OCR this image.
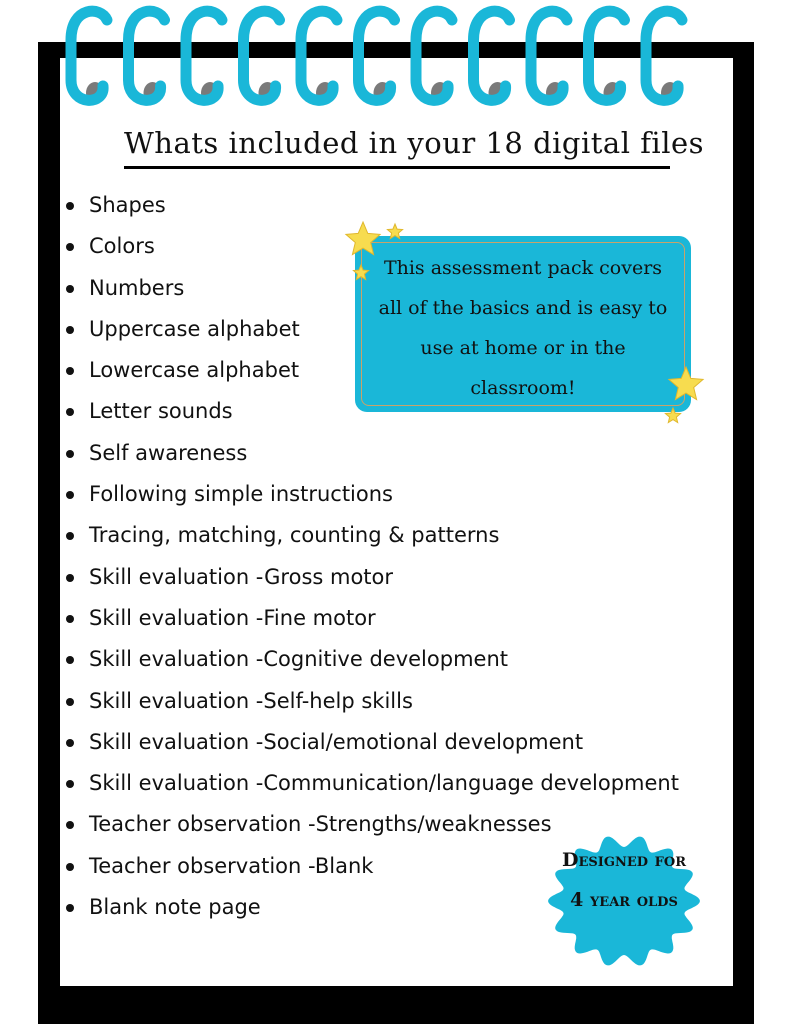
Whats included in your 18 digital files
Shapes
Colors
Numbers
Uppercase alphabet
Lowercase alphabet
Letter sounds
Self awareness
Following simple instructions
Tracing, matching, counting & patterns
Skill evaluation -Gross motor
Skill evaluation -Fine motor
Skill evaluation -Cognitive development
Skill evaluation -Self-help skills
Skill evaluation -Social/emotional development
Skill evaluation -Communication/language development
Teacher observation -Strengths/weaknesses
Teacher observation -Blank
Blank note page
This assessment pack covers all of the basics and is easy to use at home or in the classroom!
Designed for 4 year olds
